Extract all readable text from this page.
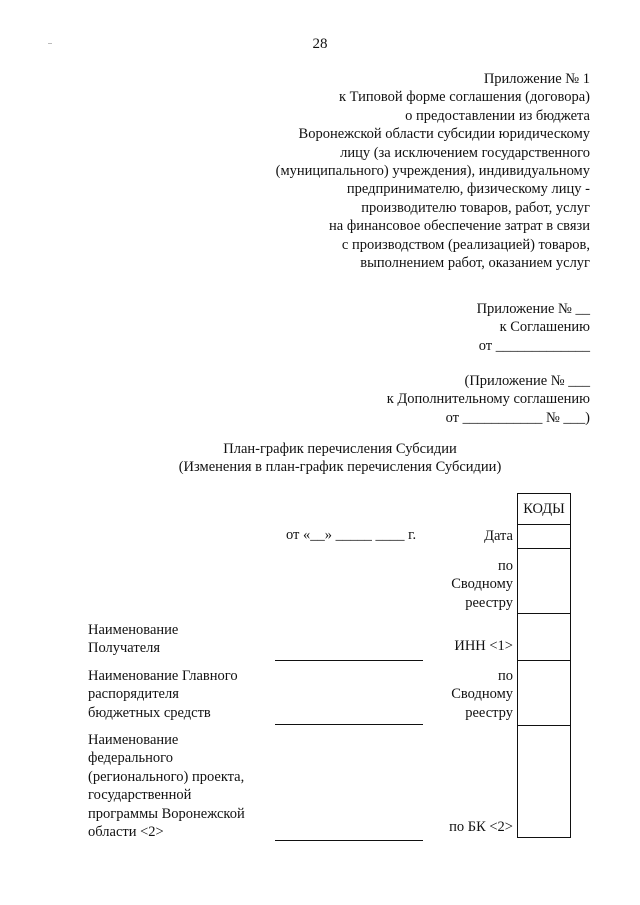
28
Приложение № 1
к Типовой форме соглашения (договора)
о предоставлении из бюджета
Воронежской области субсидии юридическому
лицу (за исключением государственного
(муниципального) учреждения), индивидуальному
предпринимателю, физическому лицу -
производителю товаров, работ, услуг
на финансовое обеспечение затрат в связи
с производством (реализацией) товаров,
выполнением работ, оказанием услуг
Приложение № __
к Соглашению
от _____________
(Приложение № ___
к Дополнительному соглашению
от ___________ № ___)
План-график перечисления Субсидии
(Изменения в план-график перечисления Субсидии)
КОДЫ
от «__» _____ ____ г.	Дата
по
Сводному
реестру
ИНН <1>
по
Сводному
реестру
по БК <2>
Наименование
Получателя
Наименование Главного
распорядителя
бюджетных средств
Наименование
федерального
(регионального) проекта,
государственной
программы Воронежской
области <2>
